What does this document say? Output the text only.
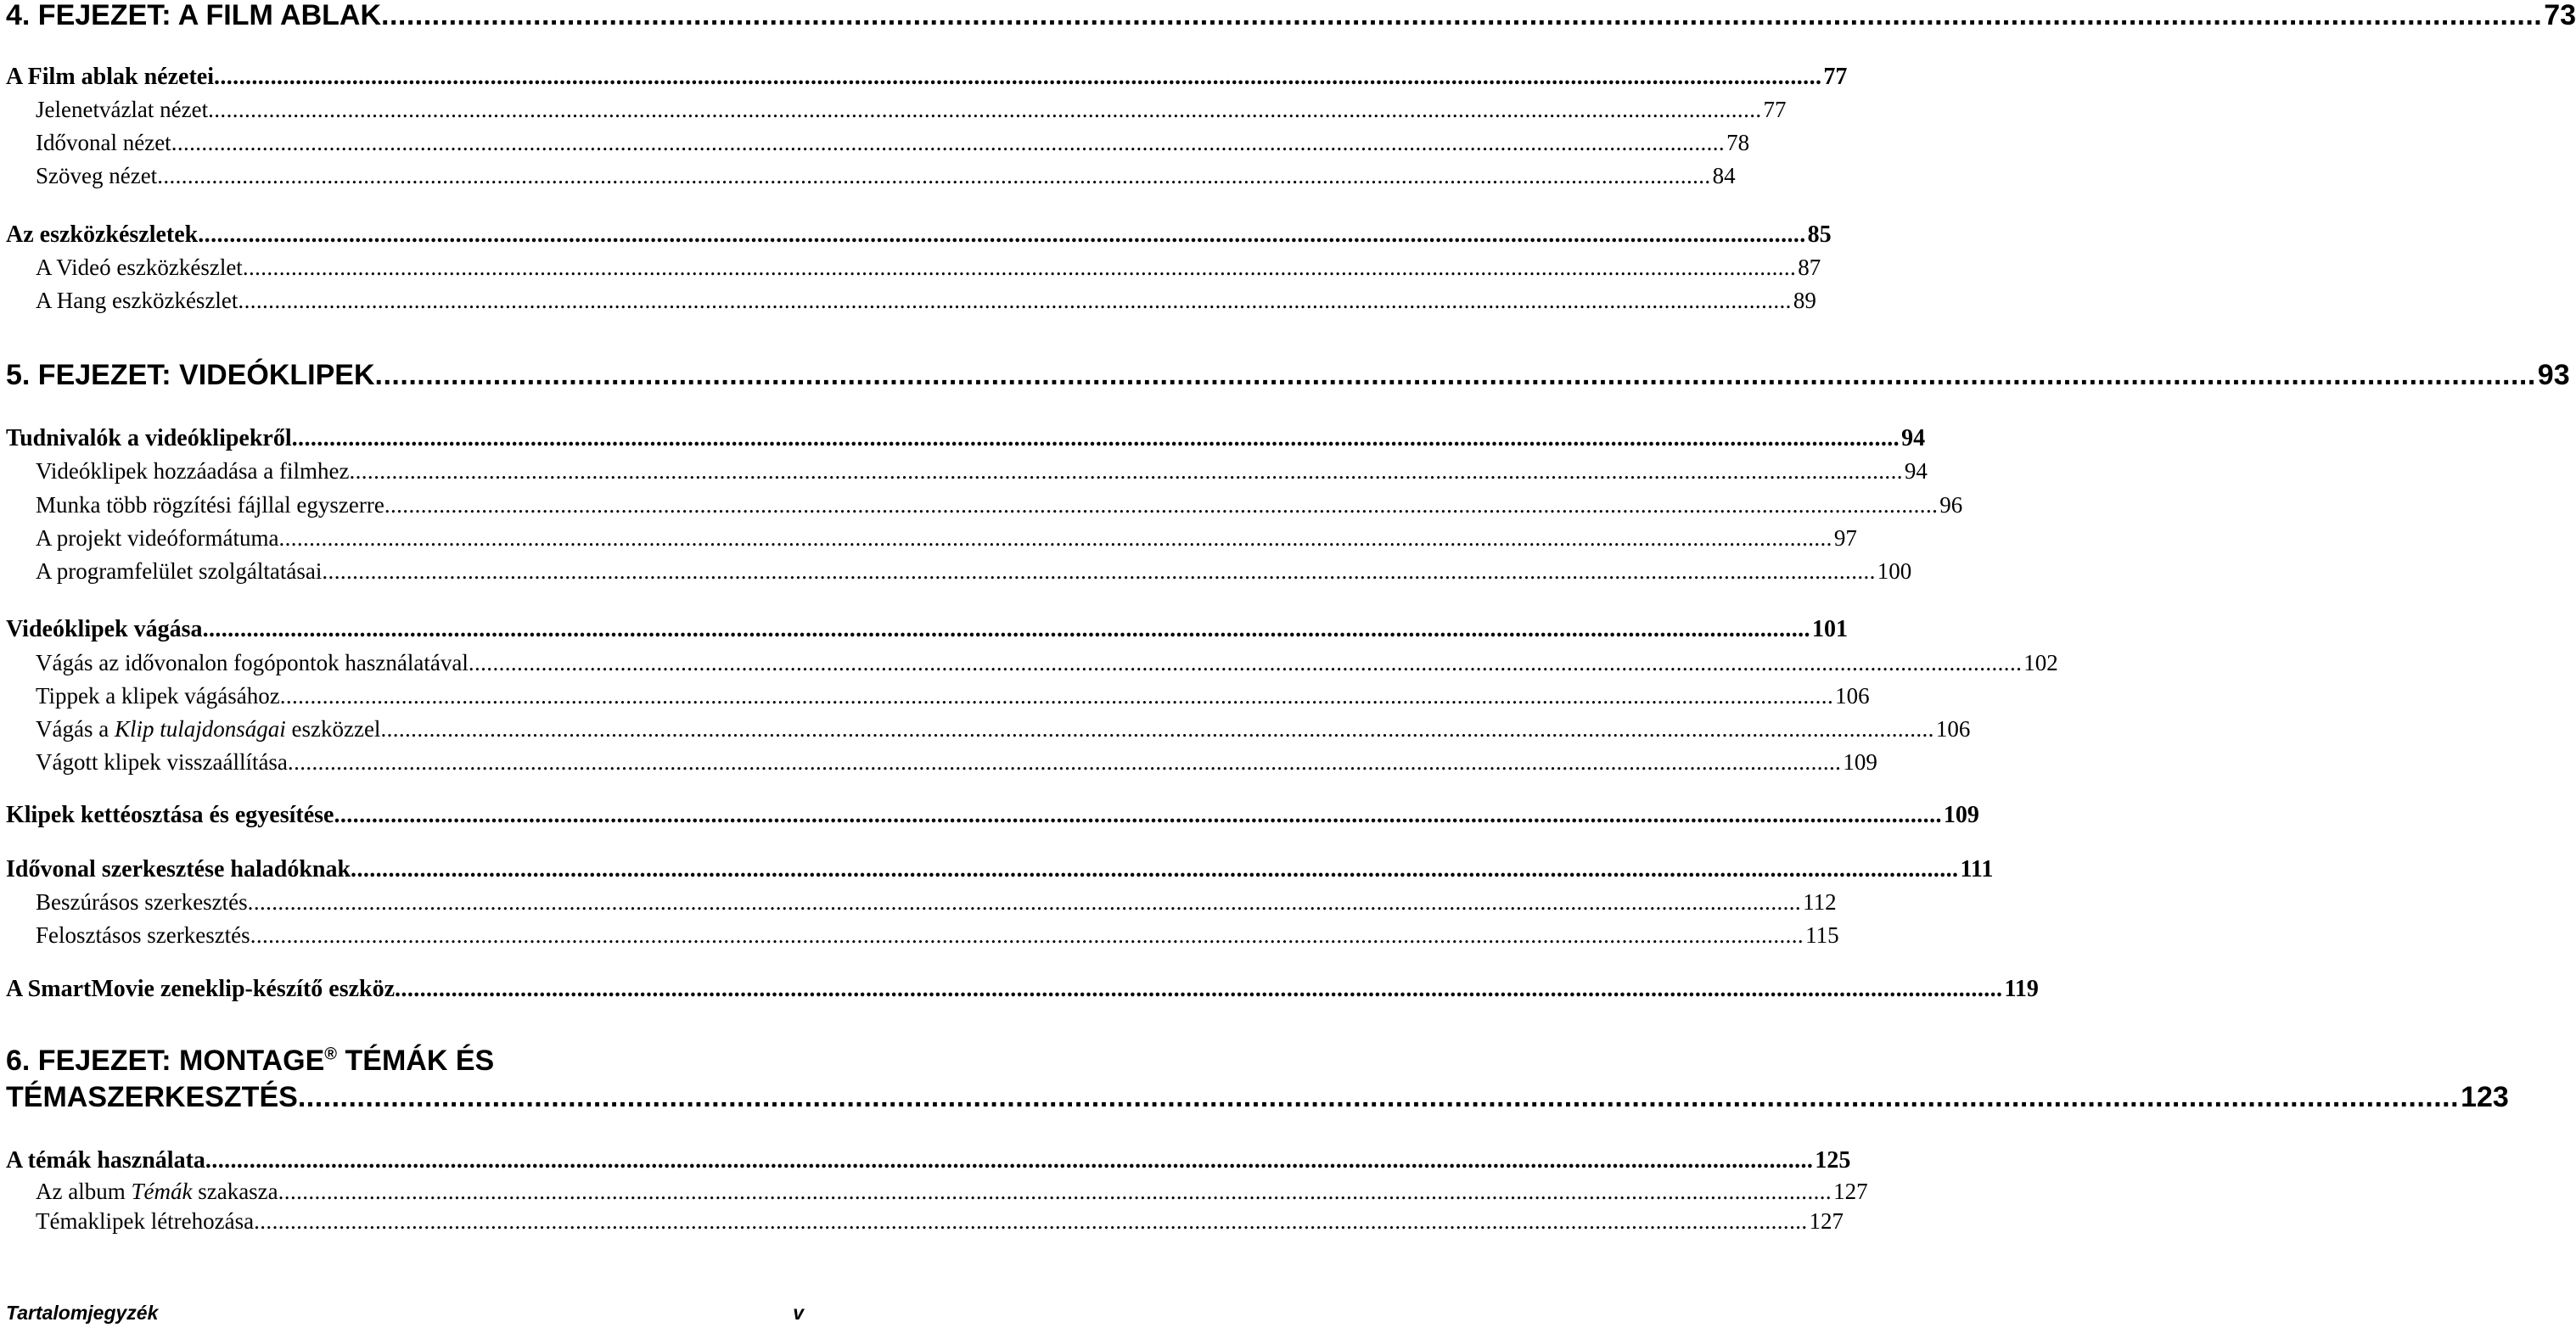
4. FEJEZET: A FILM ABLAK .....	73
A Film ablak nézetei .....	77
Jelenetvázlat nézet .....	77
Idővonal nézet .....	78
Szöveg nézet .....	84
Az eszközkészletek .....	85
A Videó eszközkészlet .....	87
A Hang eszközkészlet .....	89
5. FEJEZET: VIDEÓKLIPEK .....	93
Tudnivalók a videóklipekről .....	94
Videóklipek hozzáadása a filmhez .....	94
Munka több rögzítési fájllal egyszerre .....	96
A projekt videóformátuma .....	97
A programfelület szolgáltatásai .....	100
Videóklipek vágása .....	101
Vágás az idővonalon fogópontok használatával .....	102
Tippek a klipek vágásához .....	106
Vágás a Klip tulajdonságai eszközzel .....	106
Vágott klipek visszaállítása .....	109
Klipek kettéosztása és egyesítése .....	109
Idővonal szerkesztése haladóknak .....	111
Beszúrásos szerkesztés .....	112
Felosztásos szerkesztés .....	115
A SmartMovie zeneklip-készítő eszköz .....	119
6. FEJEZET: MONTAGE® TÉMÁK ÉS
TÉMASZERKESZTÉS .....	123
A témák használata .....	125
Az album Témák szakasza .....	127
Témaklipek létrehozása .....	127
Tartalomjegyzék	v
